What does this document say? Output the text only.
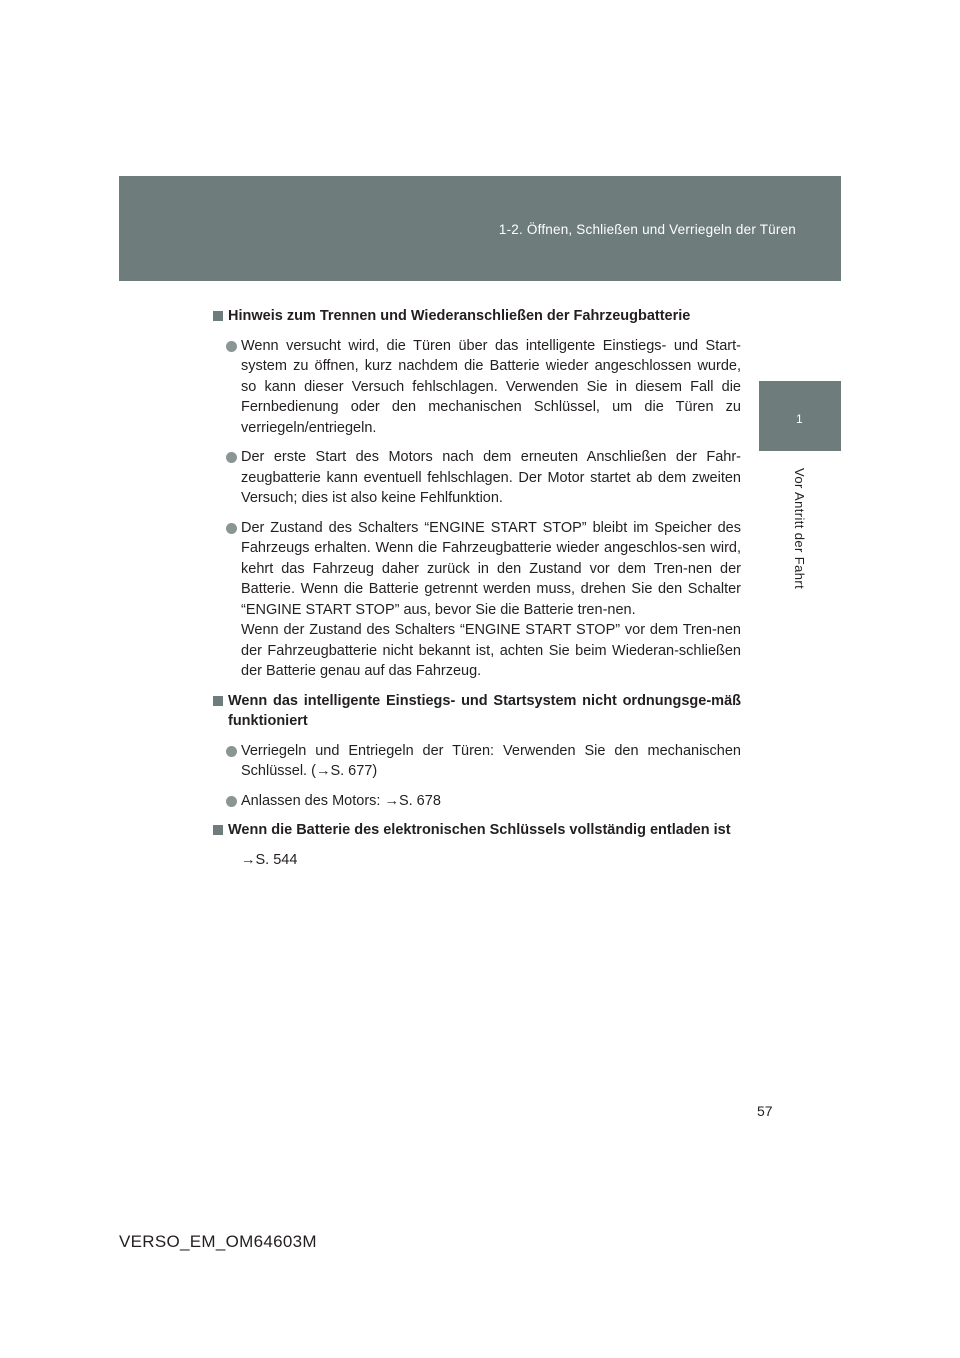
1-2. Öffnen, Schließen und Verriegeln der Türen
1
Vor Antritt der Fahrt
Hinweis zum Trennen und Wiederanschließen der Fahrzeugbatterie

Wenn versucht wird, die Türen über das intelligente Einstiegs- und Start-system zu öffnen, kurz nachdem die Batterie wieder angeschlossen wurde, so kann dieser Versuch fehlschlagen. Verwenden Sie in diesem Fall die Fernbedienung oder den mechanischen Schlüssel, um die Türen zu verriegeln/entriegeln.

Der erste Start des Motors nach dem erneuten Anschließen der Fahr-zeugbatterie kann eventuell fehlschlagen. Der Motor startet ab dem zweiten Versuch; dies ist also keine Fehlfunktion.

Der Zustand des Schalters “ENGINE START STOP” bleibt im Speicher des Fahrzeugs erhalten. Wenn die Fahrzeugbatterie wieder angeschlos-sen wird, kehrt das Fahrzeug daher zurück in den Zustand vor dem Tren-nen der Batterie. Wenn die Batterie getrennt werden muss, drehen Sie den Schalter “ENGINE START STOP” aus, bevor Sie die Batterie tren-nen.

Wenn der Zustand des Schalters “ENGINE START STOP” vor dem Tren-nen der Fahrzeugbatterie nicht bekannt ist, achten Sie beim Wiederan-schließen der Batterie genau auf das Fahrzeug.

Wenn das intelligente Einstiegs- und Startsystem nicht ordnungsge-mäß funktioniert

Verriegeln und Entriegeln der Türen: Verwenden Sie den mechanischen Schlüssel. (→S. 677)

Anlassen des Motors: →S. 678

Wenn die Batterie des elektronischen Schlüssels vollständig entladen ist

→S. 544

57
VERSO_EM_OM64603M
